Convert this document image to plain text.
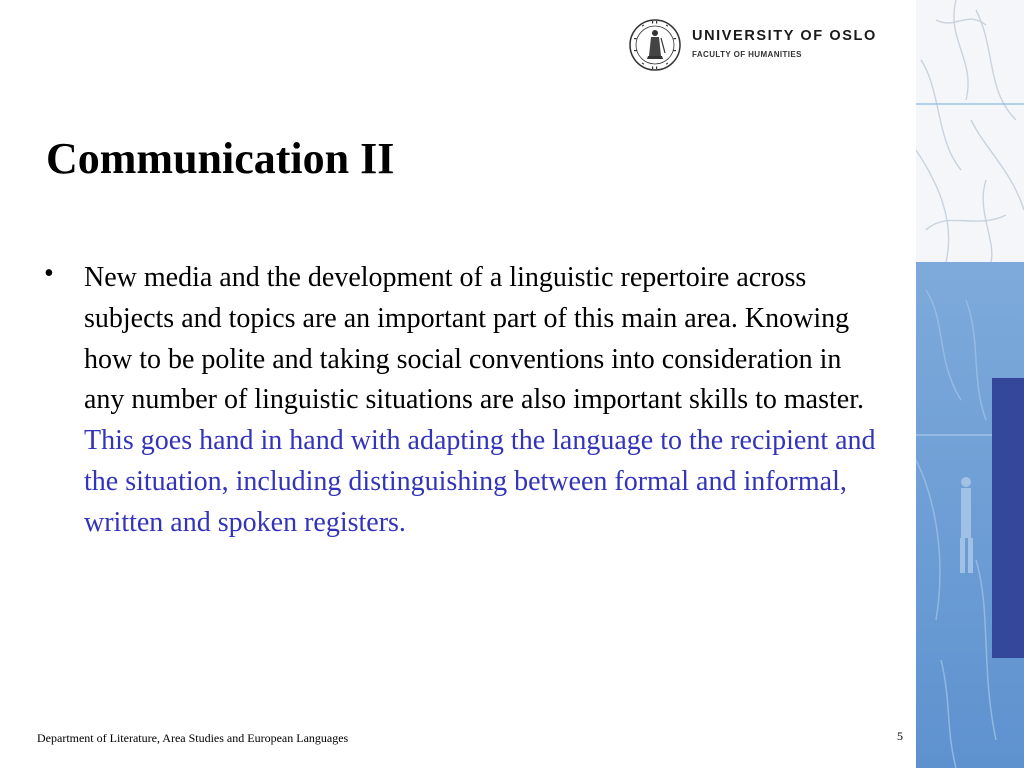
UNIVERSITY OF OSLO
FACULTY OF HUMANITIES
Communication II
• New media and the development of a linguistic repertoire across subjects and topics are an important part of this main area. Knowing how to be polite and taking social conventions into consideration in any number of linguistic situations are also important skills to master. This goes hand in hand with adapting the language to the recipient and the situation, including distinguishing between formal and informal, written and spoken registers.

Department of Literature, Area Studies and European Languages	5
